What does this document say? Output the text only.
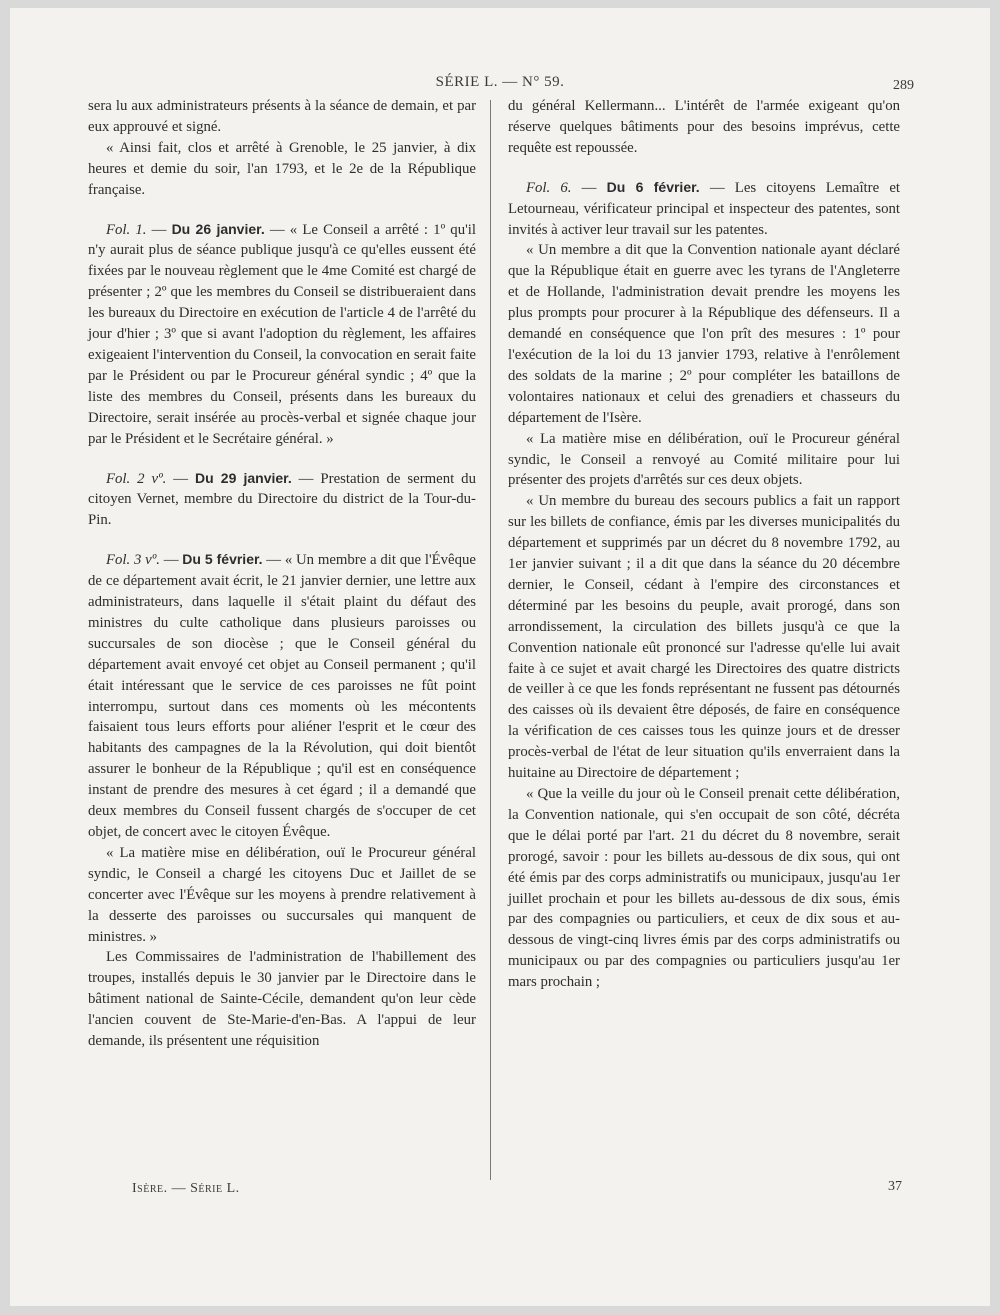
SÉRIE L. — N° 59.	289

sera lu aux administrateurs présents à la séance de demain, et par eux approuvé et signé.

« Ainsi fait, clos et arrêté à Grenoble, le 25 janvier, à dix heures et demie du soir, l'an 1793, et le 2e de la République française.

Fol. 1. — Du 26 janvier. — « Le Conseil a arrêté : 1º qu'il n'y aurait plus de séance publique jusqu'à ce qu'elles eussent été fixées par le nouveau règlement que le 4me Comité est chargé de présenter ; 2º que les membres du Conseil se distribueraient dans les bureaux du Directoire en exécution de l'article 4 de l'arrêté du jour d'hier ; 3º que si avant l'adoption du règlement, les affaires exigeaient l'intervention du Conseil, la convocation en serait faite par le Président ou par le Procureur général syndic ; 4º que la liste des membres du Conseil, présents dans les bureaux du Directoire, serait insérée au procès-verbal et signée chaque jour par le Président et le Secrétaire général. »

Fol. 2 vº. — Du 29 janvier. — Prestation de serment du citoyen Vernet, membre du Directoire du district de la Tour-du-Pin.

Fol. 3 vº. — Du 5 février. — « Un membre a dit que l'Évêque de ce département avait écrit, le 21 janvier dernier, une lettre aux administrateurs, dans laquelle il s'était plaint du défaut des ministres du culte catholique dans plusieurs paroisses ou succursales de son diocèse ; que le Conseil général du département avait envoyé cet objet au Conseil permanent ; qu'il était intéressant que le service de ces paroisses ne fût point interrompu, surtout dans ces moments où les mécontents faisaient tous leurs efforts pour aliéner l'esprit et le cœur des habitants des campagnes de la la Révolution, qui doit bientôt assurer le bonheur de la République ; qu'il est en conséquence instant de prendre des mesures à cet égard ; il a demandé que deux membres du Conseil fussent chargés de s'occuper de cet objet, de concert avec le citoyen Évêque.

« La matière mise en délibération, ouï le Procureur général syndic, le Conseil a chargé les citoyens Duc et Jaillet de se concerter avec l'Évêque sur les moyens à prendre relativement à la desserte des paroisses ou succursales qui manquent de ministres. »

Les Commissaires de l'administration de l'habillement des troupes, installés depuis le 30 janvier par le Directoire dans le bâtiment national de Sainte-Cécile, demandent qu'on leur cède l'ancien couvent de Ste-Marie-d'en-Bas. A l'appui de leur demande, ils présentent une réquisition

du général Kellermann... L'intérêt de l'armée exigeant qu'on réserve quelques bâtiments pour des besoins imprévus, cette requête est repoussée.

Fol. 6. — Du 6 février. — Les citoyens Lemaître et Letourneau, vérificateur principal et inspecteur des patentes, sont invités à activer leur travail sur les patentes.

« Un membre a dit que la Convention nationale ayant déclaré que la République était en guerre avec les tyrans de l'Angleterre et de Hollande, l'administration devait prendre les moyens les plus prompts pour procurer à la République des défenseurs. Il a demandé en conséquence que l'on prît des mesures : 1º pour l'exécution de la loi du 13 janvier 1793, relative à l'enrôlement des soldats de la marine ; 2º pour compléter les bataillons de volontaires nationaux et celui des grenadiers et chasseurs du département de l'Isère.

« La matière mise en délibération, ouï le Procureur général syndic, le Conseil a renvoyé au Comité militaire pour lui présenter des projets d'arrêtés sur ces deux objets.

« Un membre du bureau des secours publics a fait un rapport sur les billets de confiance, émis par les diverses municipalités du département et supprimés par un décret du 8 novembre 1792, au 1er janvier suivant ; il a dit que dans la séance du 20 décembre dernier, le Conseil, cédant à l'empire des circonstances et déterminé par les besoins du peuple, avait prorogé, dans son arrondissement, la circulation des billets jusqu'à ce que la Convention nationale eût prononcé sur l'adresse qu'elle lui avait faite à ce sujet et avait chargé les Directoires des quatre districts de veiller à ce que les fonds représentant ne fussent pas détournés des caisses où ils devaient être déposés, de faire en conséquence la vérification de ces caisses tous les quinze jours et de dresser procès-verbal de l'état de leur situation qu'ils enverraient dans la huitaine au Directoire de département ;

« Que la veille du jour où le Conseil prenait cette délibération, la Convention nationale, qui s'en occupait de son côté, décréta que le délai porté par l'art. 21 du décret du 8 novembre, serait prorogé, savoir : pour les billets au-dessous de dix sous, qui ont été émis par des corps administratifs ou municipaux, jusqu'au 1er juillet prochain et pour les billets au-dessous de dix sous, émis par des compagnies ou particuliers, et ceux de dix sous et au-dessous de vingt-cinq livres émis par des corps administratifs ou municipaux ou par des compagnies ou particuliers jusqu'au 1er mars prochain ;

Isère. — Série L.	37
